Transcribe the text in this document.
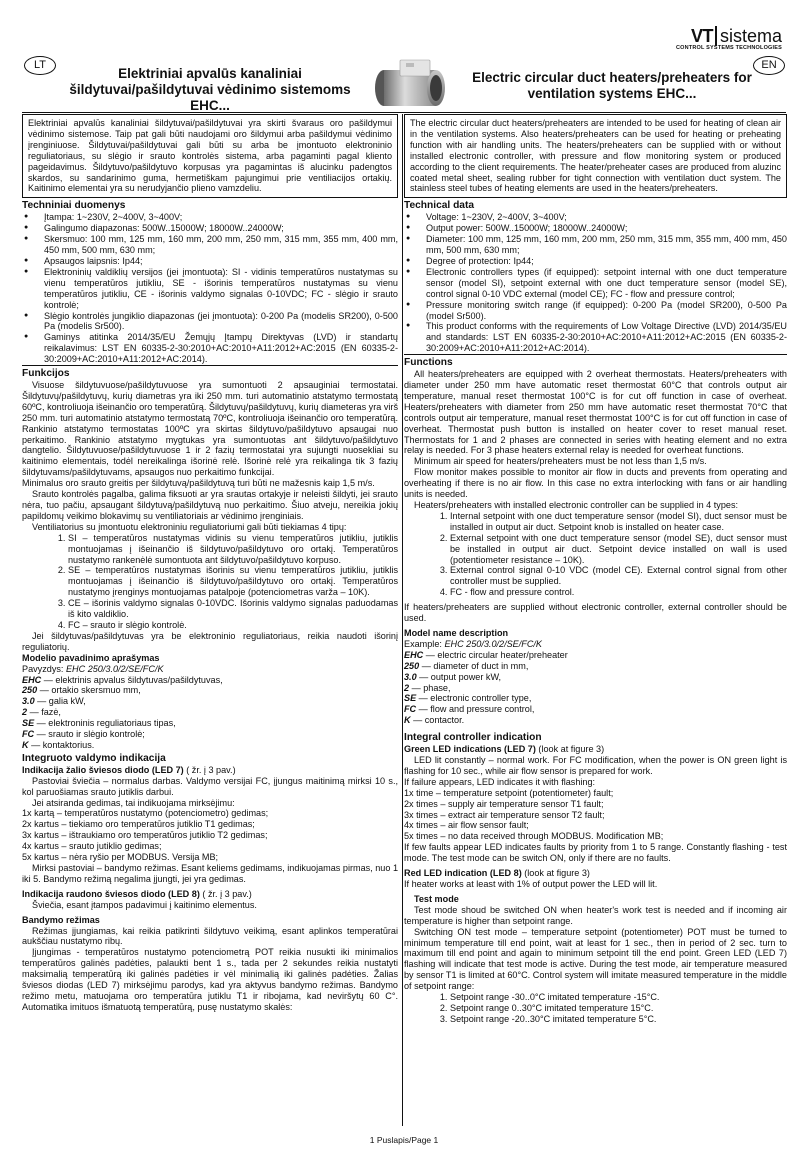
VT sistema
CONTROL SYSTEMS TECHNOLOGIES
LT	EN
Elektriniai apvalūs kanaliniai
šildytuvai/pašildytuvai vėdinimo sistemoms EHC...
Electric circular duct heaters/preheaters for
ventilation systems EHC...
Elektriniai apvalūs kanaliniai šildytuvai/pašildytuvai yra skirti švarаus oro pašildymui vėdinimo sistemose. Taip pat gali būti naudojami oro šildymui arba pašildymui vėdinimo įrenginiuose. Šildytuvai/pašildytuvai gali būti su arba be įmontuoto elektroninio reguliatoriaus, su slėgio ir srauto kontrolės sistema, arba pagaminti pagal kliento pageidavimus. Šildytuvo/pašildytuvo korpusas yra pagamintas iš alucinku padengtos skardos, su sandarinimo guma, hermetiškam pajungimui prie ventiliacijos ortakių. Kaitinimo elementai yra su nerudyjančio plieno vamzdeliu.
Techniniai duomenys
● Įtampa: 1~230V, 2~400V, 3~400V;
● Galingumo diapazonas: 500W..15000W; 18000W..24000W;
● Skersmuo: 100 mm, 125 mm, 160 mm, 200 mm, 250 mm, 315 mm, 355 mm, 400 mm, 450 mm, 500 mm, 630 mm;
● Apsaugos laipsnis: Ip44;
● Elektroninių valdiklių versijos (jei įmontuota): SI - vidinis temperatūros nustatymas su vienu temperatūros jutikliu, SE - išorinis temperatūros nustatymas su vienu temperatūros jutikliu, CE - išorinis valdymo signalas 0-10VDC; FC - slėgio ir srauto kontrolė;
● Slėgio kontrolės jungiklio diapazonas (jei įmontuota): 0-200 Pa (modelis SR200), 0-500 Pa (modelis Sr500).
● Gaminys atitinka 2014/35/EU Žemųjų Įtampų Direktyvas (LVD) ir standartų reikalavimus: LST EN 60335-2-30:2010+AC:2010+A11:2012+AC:2015 (EN 60335-2-30:2009+AC:2010+A11:2012+AC:2014).
Funkcijos

Visuose šildytuvuose/pašildytuvuose yra sumontuoti 2 apsauginiai termostatai. Šildytuvų/pašildytuvų, kurių diametras yra iki 250 mm. turi automatinio atstatymo termostatą 60ºC, kontroliuoja išeinančio oro temperatūrą. Šildytuvų/pašildytuvų, kurių diameteras yra virš 250 mm. turi automatinio atstatymo termostatą 70ºC, kontroliuoja išeinančio oro temperatūrą. Rankinio atstatymo termostatas 100ºC yra skirtas šildytuvo/pašildytuvo apsaugai nuo perkaitimo. Rankinio atstatymo mygtukas yra sumontuotas ant šildytuvo/pašildytuvo dangtelio. Šildytuvuose/pašildytuvuose 1 ir 2 fazių termostatai yra sujungti nuosekliai su kaitinimo elementais, todėl nereikalinga išorinė relė. Išorinė relė yra reikalinga tik 3 fazių šildytuvams/pašildytuvams, apsaugos nuo perkaitimo funkcijai.

Minimalus oro srauto greitis per šildytuvą/pašildytuvą turi būti ne mažesnis kaip 1,5 m/s.

Srauto kontrolės pagalba, galima fiksuoti ar yra srautas ortakyje ir neleisti šildyti, jei srauto nėra, tuo pačiu, apsaugant šildytuvą/pašildytuvą nuo perkaitimo. Šiuo atveju, nereikia jokių papildomų veikimo blokavimų su ventiliatoriais ar vėdinimo įrenginiais.

Ventiliatorius su įmontuotu elektroniniu reguliatoriumi gali būti tiekiamas 4 tipų:

1. SI – temperatūros nustatymas vidinis su vienu temperatūros jutikliu, jutiklis montuojamas į išeinančio iš šildytuvo/pašildytuvo oro ortakį. Temperatūros nustatymo rankenėlė sumontuota ant šildytuvo/pašildytuvo korpuso.
2. SE – temperatūros nustatymas išorinis su vienu temperatūros jutikliu, jutiklis montuojamas į išeinančio iš šildytuvo/pašildytuvo oro ortakį. Temperatūros nustatymo įrenginys montuojamas patalpoje (potenciometras varža – 10K).
3. CE – išorinis valdymo signalas 0-10VDC. Išorinis valdymo signalas paduodamas iš kito valdiklio.
4. FC – srauto ir slėgio kontrolė.

Jei šildytuvas/pašildytuvas yra be elektroninio reguliatoriaus, reikia naudoti išorinį reguliatorių.

Modelio pavadinimo aprašymas

Pavyzdys: EHC 250/3.0/2/SE/FC/K

EHC — elektrinis apvalus šildytuvas/pašildytuvas,

250 — ortakio skersmuo mm,

3.0 — galia kW,

2 — fazė,

SE — elektroninis reguliatoriaus tipas,

FC — srauto ir slėgio kontrolė;

K — kontaktorius.

Integruoto valdymo indikacija

Indikacija žalio šviesos diodo (LED 7) ( žr. į 3 pav.)

Pastoviai šviečia – normalus darbas. Valdymo versijai FC, įjungus maitinimą mirksi 10 s., kol paruošiamas srauto jutiklis darbui.

Jei atsiranda gedimas, tai indikuojama mirksėjimu:

1x kartą – temperatūros nustatymo (potenciometro) gedimas;

2x kartus – tiekiamo oro temperatūros jutiklio T1 gedimas;

3x kartus – ištraukiamo oro temperatūros jutiklio T2 gedimas;

4x kartus – srauto jutiklio gedimas;

5x kartus – nėra ryšio per MODBUS. Versija MB;

Mirksi pastoviai – bandymo režimas. Esant keliems gedimams, indikuojamas pirmas, nuo 1 iki 5. Bandymo režimą negalima įjungti, jei yra gedimas.

Indikacija raudono šviesos diodo (LED 8) ( žr. į 3 pav.)

Šviečia, esant įtampos padavimui į kaitinimo elementus.

Bandymo režimas

Režimas įjungiamas, kai reikia patikrinti šildytuvo veikimą, esant aplinkos temperatūrai aukščiau nustatymo ribų.

Įjungimas - temperatūros nustatymo potenciometrą POT reikia nusukti iki minimalios temperatūros galinės padėties, palaukti bent 1 s., tada per 2 sekundes reikia nustatyti maksimalią temperatūrą iki galinės padėties ir vėl minimalią iki galinės padėties. Žalias šviesos diodas (LED 7) mirksėjimu parodys, kad yra aktyvus bandymo režimas. Bandymo režimo metu, matuojama oro temperatūra jutiklu T1 ir ribojama, kad neviršytų 60 C°. Automatika imituos išmatuotą temperatūrą, pusę nustatymo skalės:

The electric circular duct heaters/preheaters are intended to be used for heating of clean air in the ventilation systems. Also heaters/preheaters can be used for heating or preheating function with air handling units. The heaters/preheaters can be supplied with or without installed electronic controller, with pressure and flow monitoring system or produced according to the client requirements. The heater/preheater cases are produced from aluzinc coated metal sheet, sealing rubber for tight connection with ventilation duct system. The stainless steel tubes of heating elements are used in the heaters/preheaters.
Technical data
● Voltage: 1~230V, 2~400V, 3~400V;
● Output power: 500W..15000W; 18000W..24000W;
● Diameter: 100 mm, 125 mm, 160 mm, 200 mm, 250 mm, 315 mm, 355 mm, 400 mm, 450 mm, 500 mm, 630 mm;
● Degree of protection: Ip44;
● Electronic controllers types (if equipped): setpoint internal with one duct temperature sensor (model SI), setpoint external with one duct temperature sensor (model SE), control signal 0-10 VDC external (model CE); FC - flow and pressure control;
● Pressure monitoring switch range (if equipped): 0-200 Pa (model SR200), 0-500 Pa (model Sr500).
● This product conforms with the requirements of Low Voltage Directive (LVD) 2014/35/EU and standards: LST EN 60335-2-30:2010+AC:2010+A11:2012+AC:2015 (EN 60335-2-30:2009+AC:2010+A11:2012+AC:2014).
Functions

All heaters/preheaters are equipped with 2 overheat thermostats. Heaters/preheaters with diameter under 250 mm have automatic reset thermostat 60°C that controls output air temperature, manual reset thermostat 100°C is for cut off function in case of overheat. Heaters/preheaters with diameter from 250 mm have automatic reset thermostat 70°C that controls output air temperature, manual reset thermostat 100°C is for cut off function in case of overheat. Thermostat push button is installed on heater cover to reset manual reset. Thermostats for 1 and 2 phases are connected in series with heating element and no extra relay is needed. For 3 phase heaters external relay is needed for overheat functions.

Minimum air speed for heaters/preheaters must be not less than 1,5 m/s.

Flow monitor makes possible to monitor air flow in ducts and prevents from operating and overheating if there is no air flow. In this case no extra interlocking with fans or air handling units is needed.

Heaters/preheaters with installed electronic controller can be supplied in 4 types:

1. Internal setpoint with one duct temperature sensor (model SI), duct sensor must be installed in output air duct. Setpoint knob is installed on heater case.
2. External setpoint with one duct temperature sensor (model SE), duct sensor must be installed in output air duct. Setpoint device installed on wall is used (potentiometer resistance – 10K).
3. External control signal 0-10 VDC (model CE). External control signal from other controller must be supplied.
4. FC - flow and pressure control.

If heaters/preheaters are supplied without electronic controller, external controller should be used.

Model name description

Example: EHC 250/3.0/2/SE/FC/K

EHC — electric circular heater/preheater

250 — diameter of duct in mm,

3.0 — output power kW,

2 — phase,

SE — electronic controller type,

FC — flow and pressure control,

K — contactor.

Integral controller indication

Green LED indications (LED 7) (look at figure 3)

LED lit constantly – normal work. For FC modification, when the power is ON green light is flashing for 10 sec., while air flow sensor is prepared for work.

If failure appears, LED indicates it with flashing:

1x time – temperature setpoint (potentiometer) fault;

2x times – supply air temperature sensor T1 fault;

3x times – extract air temperature sensor T2 fault;

4x times – air flow sensor fault;

5x times – no data received through MODBUS. Modification MB;

If few faults appear LED indicates faults by priority from 1 to 5 range. Constantly flashing - test mode. The test mode can be switch ON, only if there are no faults.

Red LED indication (LED 8) (look at figure 3)

If heater works at least with 1% of output power the LED will lit.

Test mode

Test mode shoud be switched ON when heater's work test is needed and if incoming air temperature is higher than setpoint range.

Switching ON test mode – temperature setpoint (potentiometer) POT must be turned to minimum temperature till end point, wait at least for 1 sec., then in period of 2 sec. turn to maximum till end point and again to minimum setpoint till the end point. Green LED (LED 7) flashing will indicate that test mode is active. During the test mode, air temperature measured by sensor T1 is limited at 60°C. Control system will imitate measured temperature in the middle of setpoint range:

1. Setpoint range -30..0°C imitated temperature -15°C.
2. Setpoint range 0..30°C imitated temperature 15°C.
3. Setpoint range -20..30°C imitated temperature 5°C.
1 Puslapis/Page 1
